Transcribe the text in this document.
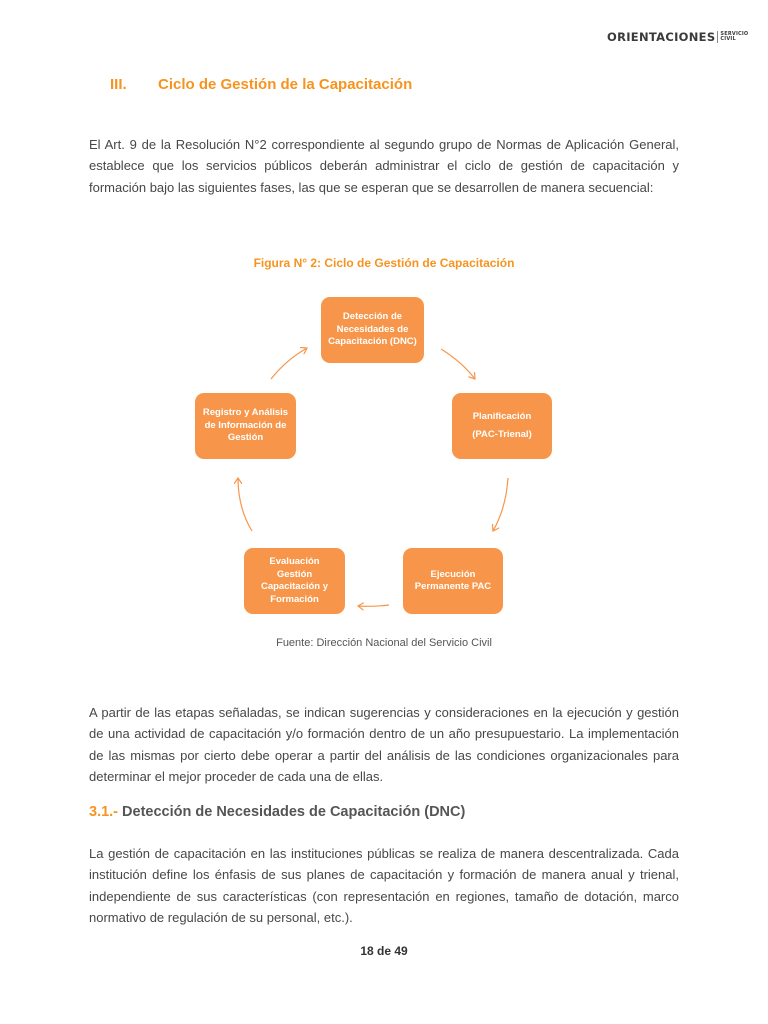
ORIENTACIONES SERVICIO
CIVIL
III.	Ciclo de Gestión de la Capacitación

El Art. 9 de la Resolución N°2 correspondiente al segundo grupo de Normas de Aplicación General, establece que los servicios públicos deberán administrar el ciclo de gestión de capacitación y formación bajo las siguientes fases, las que se esperan que se desarrollen de manera secuencial:

Figura N° 2: Ciclo de Gestión de Capacitación
Detección de
Necesidades de
Capacitación (DNC)
Planificación
(PAC-Trienal)
Ejecución
Permanente PAC
Evaluación
Gestión
Capacitación y
Formación
Registro y Análisis
de Información de
Gestión
Fuente: Dirección Nacional del Servicio Civil

A partir de las etapas señaladas, se indican sugerencias y consideraciones en la ejecución y gestión de una actividad de capacitación y/o formación dentro de un año presupuestario. La implementación de las mismas por cierto debe operar a partir del análisis de las condiciones organizacionales para determinar el mejor proceder de cada una de ellas.

3.1.- Detección de Necesidades de Capacitación (DNC)

La gestión de capacitación en las instituciones públicas se realiza de manera descentralizada. Cada institución define los énfasis de sus planes de capacitación y formación de manera anual y trienal, independiente de sus características (con representación en regiones, tamaño de dotación, marco normativo de regulación de su personal, etc.).

18 de 49
